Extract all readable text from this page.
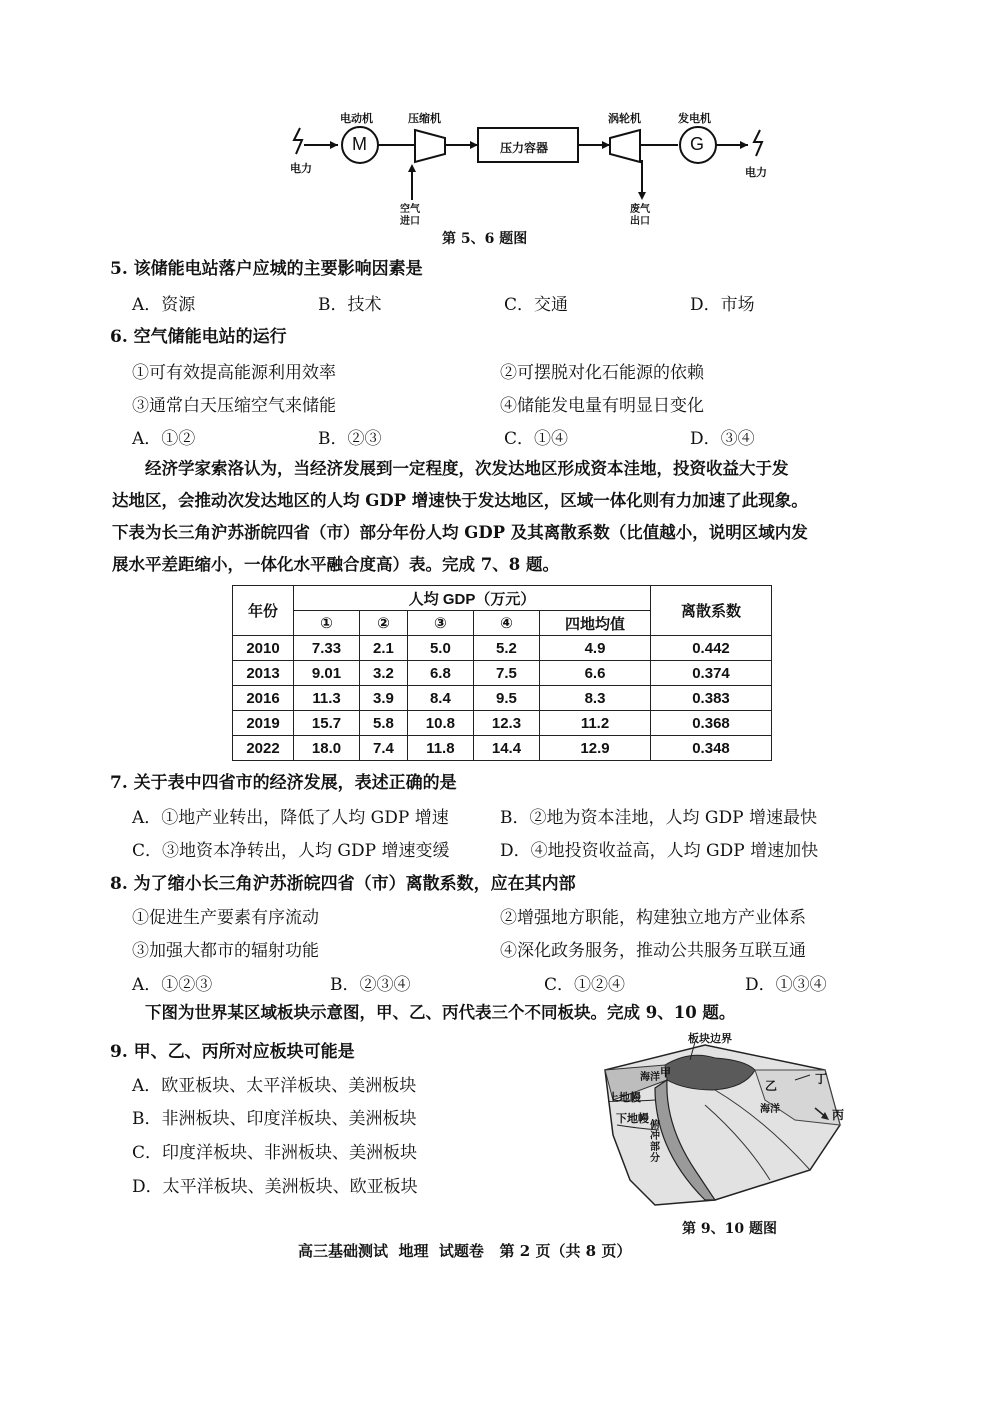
电力
电动机
M
压缩机
压力容器
涡轮机	发电机
G
电力
空气进口
废气出口
第 5、6 题图
5. 该储能电站落户应城的主要影响因素是
A．资源	B．技术	C．交通	D．市场
6. 空气储能电站的运行
①可有效提高能源利用效率	②可摆脱对化石能源的依赖
③通常白天压缩空气来储能	④储能发电量有明显日变化
A．①②	B．②③	C．①④	D．③④
经济学家索洛认为，当经济发展到一定程度，次发达地区形成资本洼地，投资收益大于发
达地区，会推动次发达地区的人均 GDP 增速快于发达地区，区域一体化则有力加速了此现象。
下表为长三角沪苏浙皖四省（市）部分年份人均 GDP 及其离散系数（比值越小，说明区域内发
展水平差距缩小，一体化水平融合度高）表。完成 7、8 题。
年份	人均 GDP（万元）					离散系数
	①	②	③	④	四地均值	
2010	7.33	2.1	5.0	5.2	4.9	0.442
2013	9.01	3.2	6.8	7.5	6.6	0.374
2016	11.3	3.9	8.4	9.5	8.3	0.383
2019	15.7	5.8	10.8	12.3	11.2	0.368
2022	18.0	7.4	11.8	14.4	12.9	0.348
7. 关于表中四省市的经济发展，表述正确的是
A．①地产业转出，降低了人均 GDP 增速	B．②地为资本洼地，人均 GDP 增速最快
C．③地资本净转出，人均 GDP 增速变缓	D．④地投资收益高，人均 GDP 增速加快
8. 为了缩小长三角沪苏浙皖四省（市）离散系数，应在其内部
①促进生产要素有序流动	②增强地方职能，构建独立地方产业体系
③加强大都市的辐射功能	④深化政务服务，推动公共服务互联互通
A．①②③	B．②③④	C．①②④	D．①③④
下图为世界某区域板块示意图，甲、乙、丙代表三个不同板块。完成 9、10 题。
9. 甲、乙、丙所对应板块可能是
A．欧亚板块、太平洋板块、美洲板块
B．非洲板块、印度洋板块、美洲板块
C．印度洋板块、非洲板块、美洲板块
D．太平洋板块、美洲板块、欧亚板块
板块边界
海洋 甲
乙	丁
海洋	丙
上地幔
下地幔
俯冲部分
第 9、10 题图
高三基础测试  地理  试题卷   第 2 页（共 8 页）
